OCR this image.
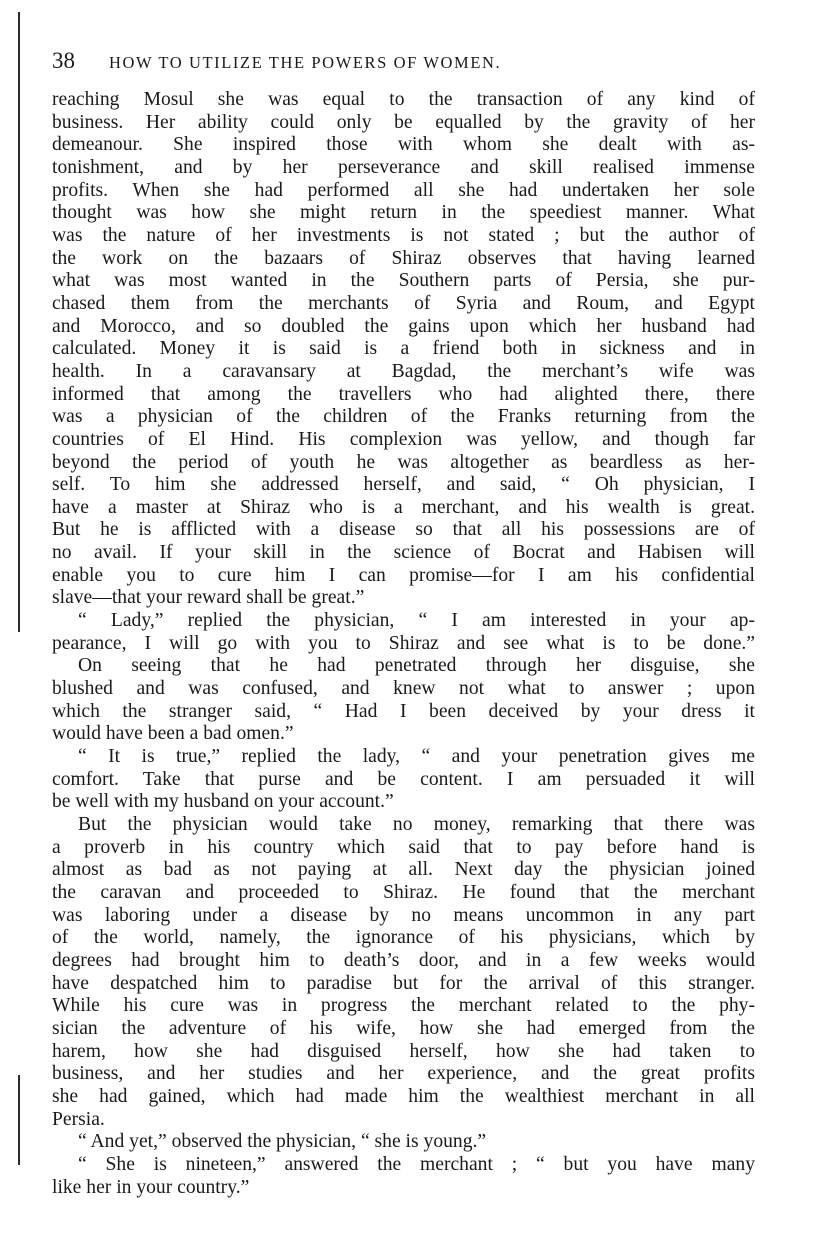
38 HOW TO UTILIZE THE POWERS OF WOMEN.
reaching Mosul she was equal to the transaction of any kind of
business. Her ability could only be equalled by the gravity of her
demeanour. She inspired those with whom she dealt with as-
tonishment, and by her perseverance and skill realised immense
profits. When she had performed all she had undertaken her sole
thought was how she might return in the speediest manner. What
was the nature of her investments is not stated ; but the author of
the work on the bazaars of Shiraz observes that having learned
what was most wanted in the Southern parts of Persia, she pur-
chased them from the merchants of Syria and Roum, and Egypt
and Morocco, and so doubled the gains upon which her husband had
calculated. Money it is said is a friend both in sickness and in
health. In a caravansary at Bagdad, the merchant’s wife was
informed that among the travellers who had alighted there, there
was a physician of the children of the Franks returning from the
countries of El Hind. His complexion was yellow, and though far
beyond the period of youth he was altogether as beardless as her-
self. To him she addressed herself, and said, “ Oh physician, I
have a master at Shiraz who is a merchant, and his wealth is great.
But he is afflicted with a disease so that all his possessions are of
no avail. If your skill in the science of Bocrat and Habisen will
enable you to cure him I can promise—for I am his confidential
slave—that your reward shall be great.”
“ Lady,” replied the physician, “ I am interested in your ap-
pearance, I will go with you to Shiraz and see what is to be done.”
On seeing that he had penetrated through her disguise, she
blushed and was confused, and knew not what to answer ; upon
which the stranger said, “ Had I been deceived by your dress it
would have been a bad omen.”
“ It is true,” replied the lady, “ and your penetration gives me
comfort. Take that purse and be content. I am persuaded it will
be well with my husband on your account.”
But the physician would take no money, remarking that there was
a proverb in his country which said that to pay before hand is
almost as bad as not paying at all. Next day the physician joined
the caravan and proceeded to Shiraz. He found that the merchant
was laboring under a disease by no means uncommon in any part
of the world, namely, the ignorance of his physicians, which by
degrees had brought him to death’s door, and in a few weeks would
have despatched him to paradise but for the arrival of this stranger.
While his cure was in progress the merchant related to the phy-
sician the adventure of his wife, how she had emerged from the
harem, how she had disguised herself, how she had taken to
business, and her studies and her experience, and the great profits
she had gained, which had made him the wealthiest merchant in all
Persia.
“ And yet,” observed the physician, “ she is young.”
“ She is nineteen,” answered the merchant ; “ but you have many
like her in your country.”
